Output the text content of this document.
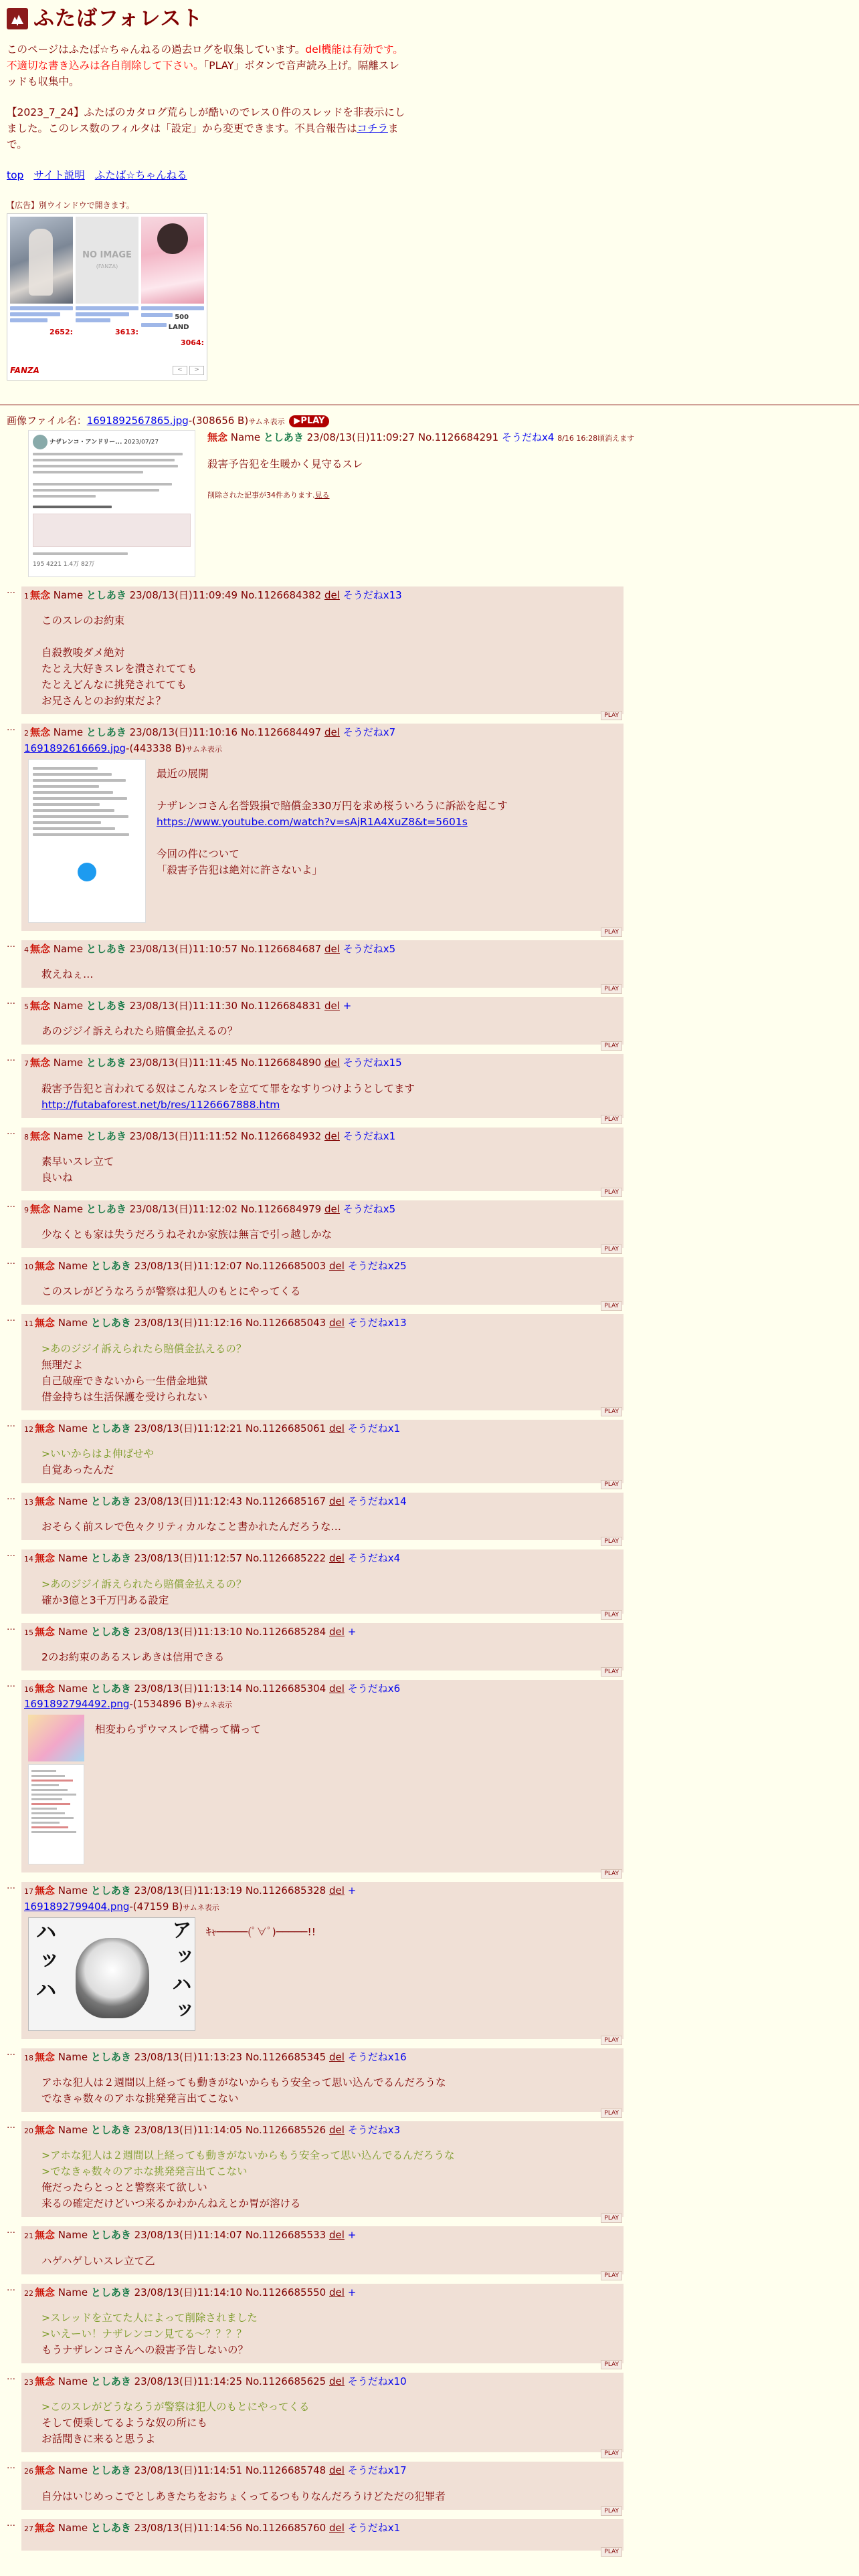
ふたばフォレスト

このページはふたば☆ちゃんねるの過去ログを収集しています。del機能は有効です。不適切な書き込みは各自削除して下さい。「PLAY」ボタンで音声読み上げ。隔離スレッドも収集中。

【2023_7_24】ふたばのカタログ荒らしが酷いのでレス０件のスレッドを非表示にしました。このレス数のフィルタは「設定」から変更できます。不具合報告はコチラまで。

top サイト説明 ふたば☆ちゃんねる
【広告】別ウインドウで開きます。
2652:
NO IMAGE
(FANZA)
3613:
500 LAND
3064:
FANZA	<	>
画像ファイル名：1691892567865.jpg-(308656 B)サムネ表示 ▶PLAY
ナザレンコ・アンドリー... 2023/07/27
195 4221 1.4万 82万
無念 Name としあき 23/08/13(日)11:09:27 No.1126684291 そうだねx4 8/16 16:28頃消えます
殺害予告犯を生暖かく見守るスレ
削除された記事が34件あります.見る
…
1 無念 Name としあき 23/08/13(日)11:09:49 No.1126684382 del そうだねx13
このスレのお約束

自殺教唆ダメ絶対
たとえ大好きスレを潰されてても
たとえどんなに挑発されてても
お兄さんとのお約束だよ？
PLAY
…
2 無念 Name としあき 23/08/13(日)11:10:16 No.1126684497 del そうだねx7
1691892616669.jpg-(443338 B)サムネ表示
最近の展開

ナザレンコさん名誉毀損で賠償金330万円を求め桜ういろうに訴訟を起こす
https://www.youtube.com/watch?v=sAjR1A4XuZ8&t=5601s

今回の件について
「殺害予告犯は絶対に許さないよ」
PLAY
…
4 無念 Name としあき 23/08/13(日)11:10:57 No.1126684687 del そうだねx5
救えねぇ…
PLAY
…
5 無念 Name としあき 23/08/13(日)11:11:30 No.1126684831 del +
あのジジイ訴えられたら賠償金払えるの？
PLAY
…
7 無念 Name としあき 23/08/13(日)11:11:45 No.1126684890 del そうだねx15
殺害予告犯と言われてる奴はこんなスレを立てて罪をなすりつけようとしてます
http://futabaforest.net/b/res/1126667888.htm
PLAY
…
8 無念 Name としあき 23/08/13(日)11:11:52 No.1126684932 del そうだねx1
素早いスレ立て
良いね
PLAY
…
9 無念 Name としあき 23/08/13(日)11:12:02 No.1126684979 del そうだねx5
少なくとも家は失うだろうねそれか家族は無言で引っ越しかな
PLAY
…
10 無念 Name としあき 23/08/13(日)11:12:07 No.1126685003 del そうだねx25
このスレがどうなろうが警察は犯人のもとにやってくる
PLAY
…
11 無念 Name としあき 23/08/13(日)11:12:16 No.1126685043 del そうだねx13
>あのジジイ訴えられたら賠償金払えるの？
無理だよ
自己破産できないから一生借金地獄
借金持ちは生活保護を受けられない
PLAY
…
12 無念 Name としあき 23/08/13(日)11:12:21 No.1126685061 del そうだねx1
>いいからはよ伸ばせや
自覚あったんだ
PLAY
…
13 無念 Name としあき 23/08/13(日)11:12:43 No.1126685167 del そうだねx14
おそらく前スレで色々クリティカルなこと書かれたんだろうな…
PLAY
…
14 無念 Name としあき 23/08/13(日)11:12:57 No.1126685222 del そうだねx4
>あのジジイ訴えられたら賠償金払えるの？
確か3億と3千万円ある設定
PLAY
…
15 無念 Name としあき 23/08/13(日)11:13:10 No.1126685284 del +
2のお約束のあるスレあきは信用できる
PLAY
…
16 無念 Name としあき 23/08/13(日)11:13:14 No.1126685304 del そうだねx6
1691892794492.png-(1534896 B)サムネ表示
相変わらずウマスレで構って構って
PLAY
…
17 無念 Name としあき 23/08/13(日)11:13:19 No.1126685328 del +
1691892799404.png-(47159 B)サムネ表示
ハ ッ ハ	ア ッ ハ ッ	ｷｬ─────(ﾟ∀ﾟ)─────!!
PLAY
…
18 無念 Name としあき 23/08/13(日)11:13:23 No.1126685345 del そうだねx16
アホな犯人は２週間以上経っても動きがないからもう安全って思い込んでるんだろうな
でなきゃ数々のアホな挑発発言出てこない
PLAY
…
20 無念 Name としあき 23/08/13(日)11:14:05 No.1126685526 del そうだねx3
>アホな犯人は２週間以上経っても動きがないからもう安全って思い込んでるんだろうな
>でなきゃ数々のアホな挑発発言出てこない
俺だったらとっとと警察来て欲しい
来るの確定だけどいつ来るかわかんねえとか胃が溶ける
PLAY
…
21 無念 Name としあき 23/08/13(日)11:14:07 No.1126685533 del +
ハゲハゲしいスレ立て乙
PLAY
…
22 無念 Name としあき 23/08/13(日)11:14:10 No.1126685550 del +
>スレッドを立てた人によって削除されました
>いえーい！ナザレンコン見てる〜？？？？
もうナザレンコさんへの殺害予告しないの？
PLAY
…
23 無念 Name としあき 23/08/13(日)11:14:25 No.1126685625 del そうだねx10
>このスレがどうなろうが警察は犯人のもとにやってくる
そして便乗してるような奴の所にも
お話聞きに来ると思うよ
PLAY
…
26 無念 Name としあき 23/08/13(日)11:14:51 No.1126685748 del そうだねx17
自分はいじめっこでとしあきたちをおちょくってるつもりなんだろうけどただの犯罪者
PLAY
…
27 無念 Name としあき 23/08/13(日)11:14:56 No.1126685760 del そうだねx1
PLAY
